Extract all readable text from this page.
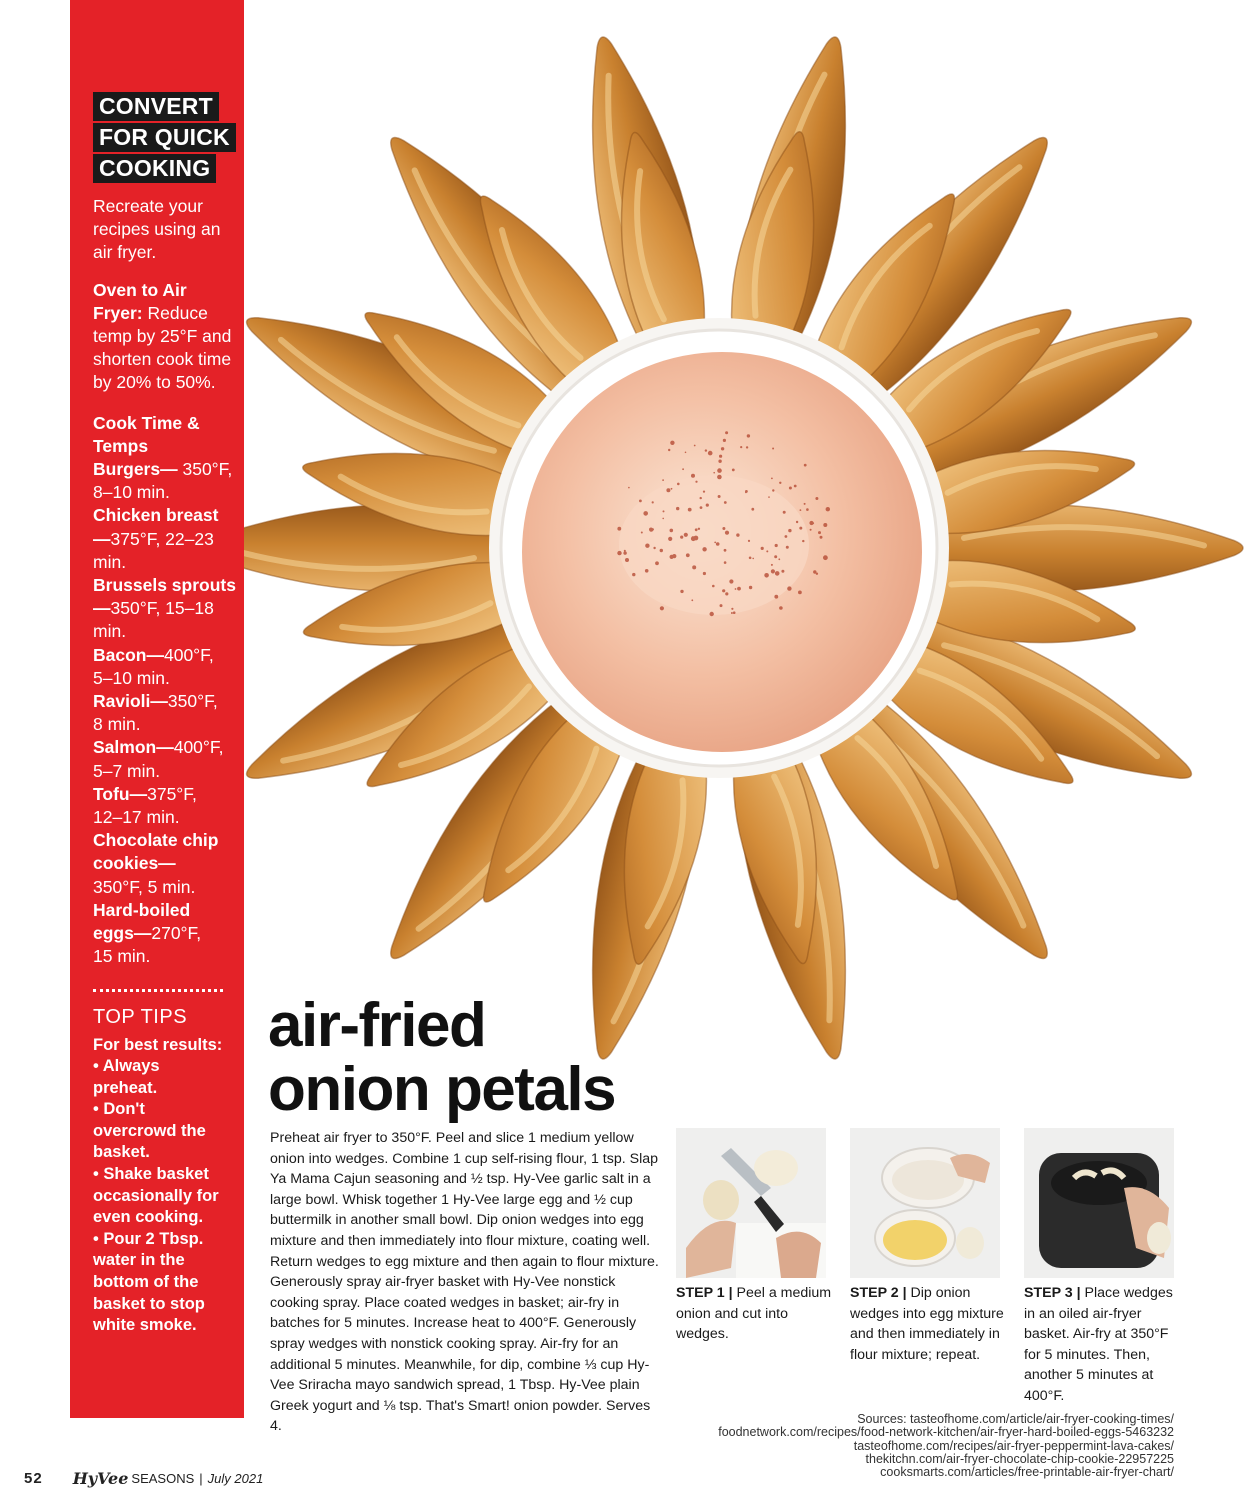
CONVERT
FOR QUICK
COOKING
Recreate your recipes using an air fryer.
Oven to Air Fryer: Reduce temp by 25°F and shorten cook time by 20% to 50%.
Cook Time & Temps
Burgers— 350°F, 8–10 min.
Chicken breast—375°F, 22–23 min.
Brussels sprouts—350°F, 15–18 min.
Bacon—400°F, 5–10 min.
Ravioli—350°F, 8 min.
Salmon—400°F, 5–7 min.
Tofu—375°F, 12–17 min.
Chocolate chip cookies—350°F, 5 min.
Hard-boiled eggs—270°F, 15 min.
TOP TIPS
For best results:
• Always preheat.
• Don't overcrowd the basket.
• Shake basket occasionally for even cooking.
• Pour 2 Tbsp. water in the bottom of the basket to stop white smoke.
air-fried
onion petals
Preheat air fryer to 350°F. Peel and slice 1 medium yellow onion into wedges. Combine 1 cup self-rising flour, 1 tsp. Slap Ya Mama Cajun seasoning and ½ tsp. Hy-Vee garlic salt in a large bowl. Whisk together 1 Hy-Vee large egg and ½ cup buttermilk in another small bowl. Dip onion wedges into egg mixture and then immediately into flour mixture, coating well. Return wedges to egg mixture and then again to flour mixture. Generously spray air-fryer basket with Hy-Vee nonstick cooking spray. Place coated wedges in basket; air-fry in batches for 5 minutes. Increase heat to 400°F. Generously spray wedges with nonstick cooking spray. Air-fry for an additional 5 minutes. Meanwhile, for dip, combine ⅓ cup Hy-Vee Sriracha mayo sandwich spread, 1 Tbsp. Hy-Vee plain Greek yogurt and ⅛ tsp. That's Smart! onion powder. Serves 4.
STEP 1 | Peel a medium onion and cut into wedges.
STEP 2 | Dip onion wedges into egg mixture and then immediately in flour mixture; repeat.
STEP 3 | Place wedges in an oiled air-fryer basket. Air-fry at 350°F for 5 minutes. Then, another 5 minutes at 400°F.
Sources: tasteofhome.com/article/air-fryer-cooking-times/
foodnetwork.com/recipes/food-network-kitchen/air-fryer-hard-boiled-eggs-5463232
tasteofhome.com/recipes/air-fryer-peppermint-lava-cakes/
thekitchn.com/air-fryer-chocolate-chip-cookie-22957225
cooksmarts.com/articles/free-printable-air-fryer-chart/
52 HyVee SEASONS | July 2021
